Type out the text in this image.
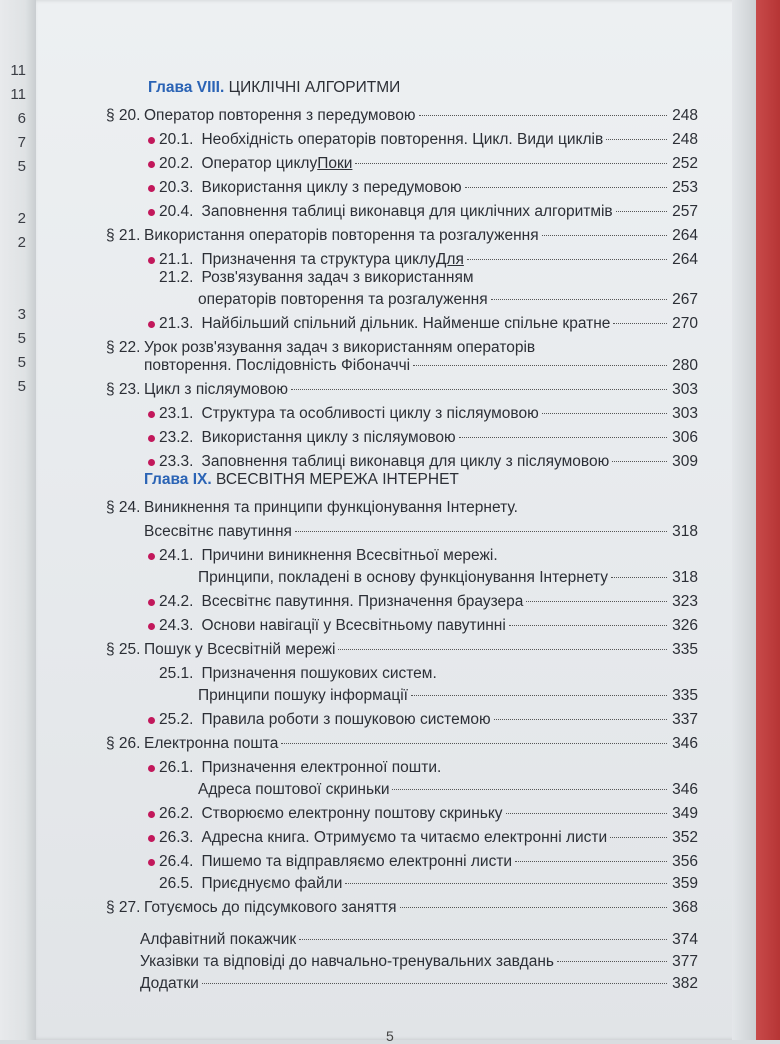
11
11
6
7
5
2
2
3
5
5
5
Глава VIII. ЦИКЛІЧНІ АЛГОРИТМИ
Глава IX. ВСЕСВІТНЯ МЕРЕЖА ІНТЕРНЕТ
§ 20. Оператор повторення з передумовою	248
20.1. Необхідність операторів повторення. Цикл. Види циклів	248
20.2. Оператор циклу Поки	252
20.3. Використання циклу з передумовою	253
20.4. Заповнення таблиці виконавця для циклічних алгоритмів	257
§ 21. Використання операторів повторення та розгалуження	264
21.1. Призначення та структура циклу Для	264
21.2. Розв'язування задач з використанням
операторів повторення та розгалуження	267
21.3. Найбільший спільний дільник. Найменше спільне кратне	270
§ 22. Урок розв'язування задач з використанням операторів
повторення. Послідовність Фібоначчі	280
§ 23. Цикл з післяумовою	303
23.1. Структура та особливості циклу з післяумовою	303
23.2. Використання циклу з післяумовою	306
23.3. Заповнення таблиці виконавця для циклу з післяумовою	309
§ 24. Виникнення та принципи функціонування Інтернету.
Всесвітнє павутиння	318
24.1. Причини виникнення Всесвітньої мережі.
Принципи, покладені в основу функціонування Інтернету	318
24.2. Всесвітнє павутиння. Призначення браузера	323
24.3. Основи навігації у Всесвітньому павутинні	326
§ 25. Пошук у Всесвітній мережі	335
25.1. Призначення пошукових систем.
Принципи пошуку інформації	335
25.2. Правила роботи з пошуковою системою	337
§ 26. Електронна пошта	346
26.1. Призначення електронної пошти.
Адреса поштової скриньки	346
26.2. Створюємо електронну поштову скриньку	349
26.3. Адресна книга. Отримуємо та читаємо електронні листи	352
26.4. Пишемо та відправляємо електронні листи	356
26.5. Приєднуємо файли	359
§ 27. Готуємось до підсумкового заняття	368
Алфавітний покажчик	374
Указівки та відповіді до навчально-тренувальних завдань	377
Додатки	382
5
